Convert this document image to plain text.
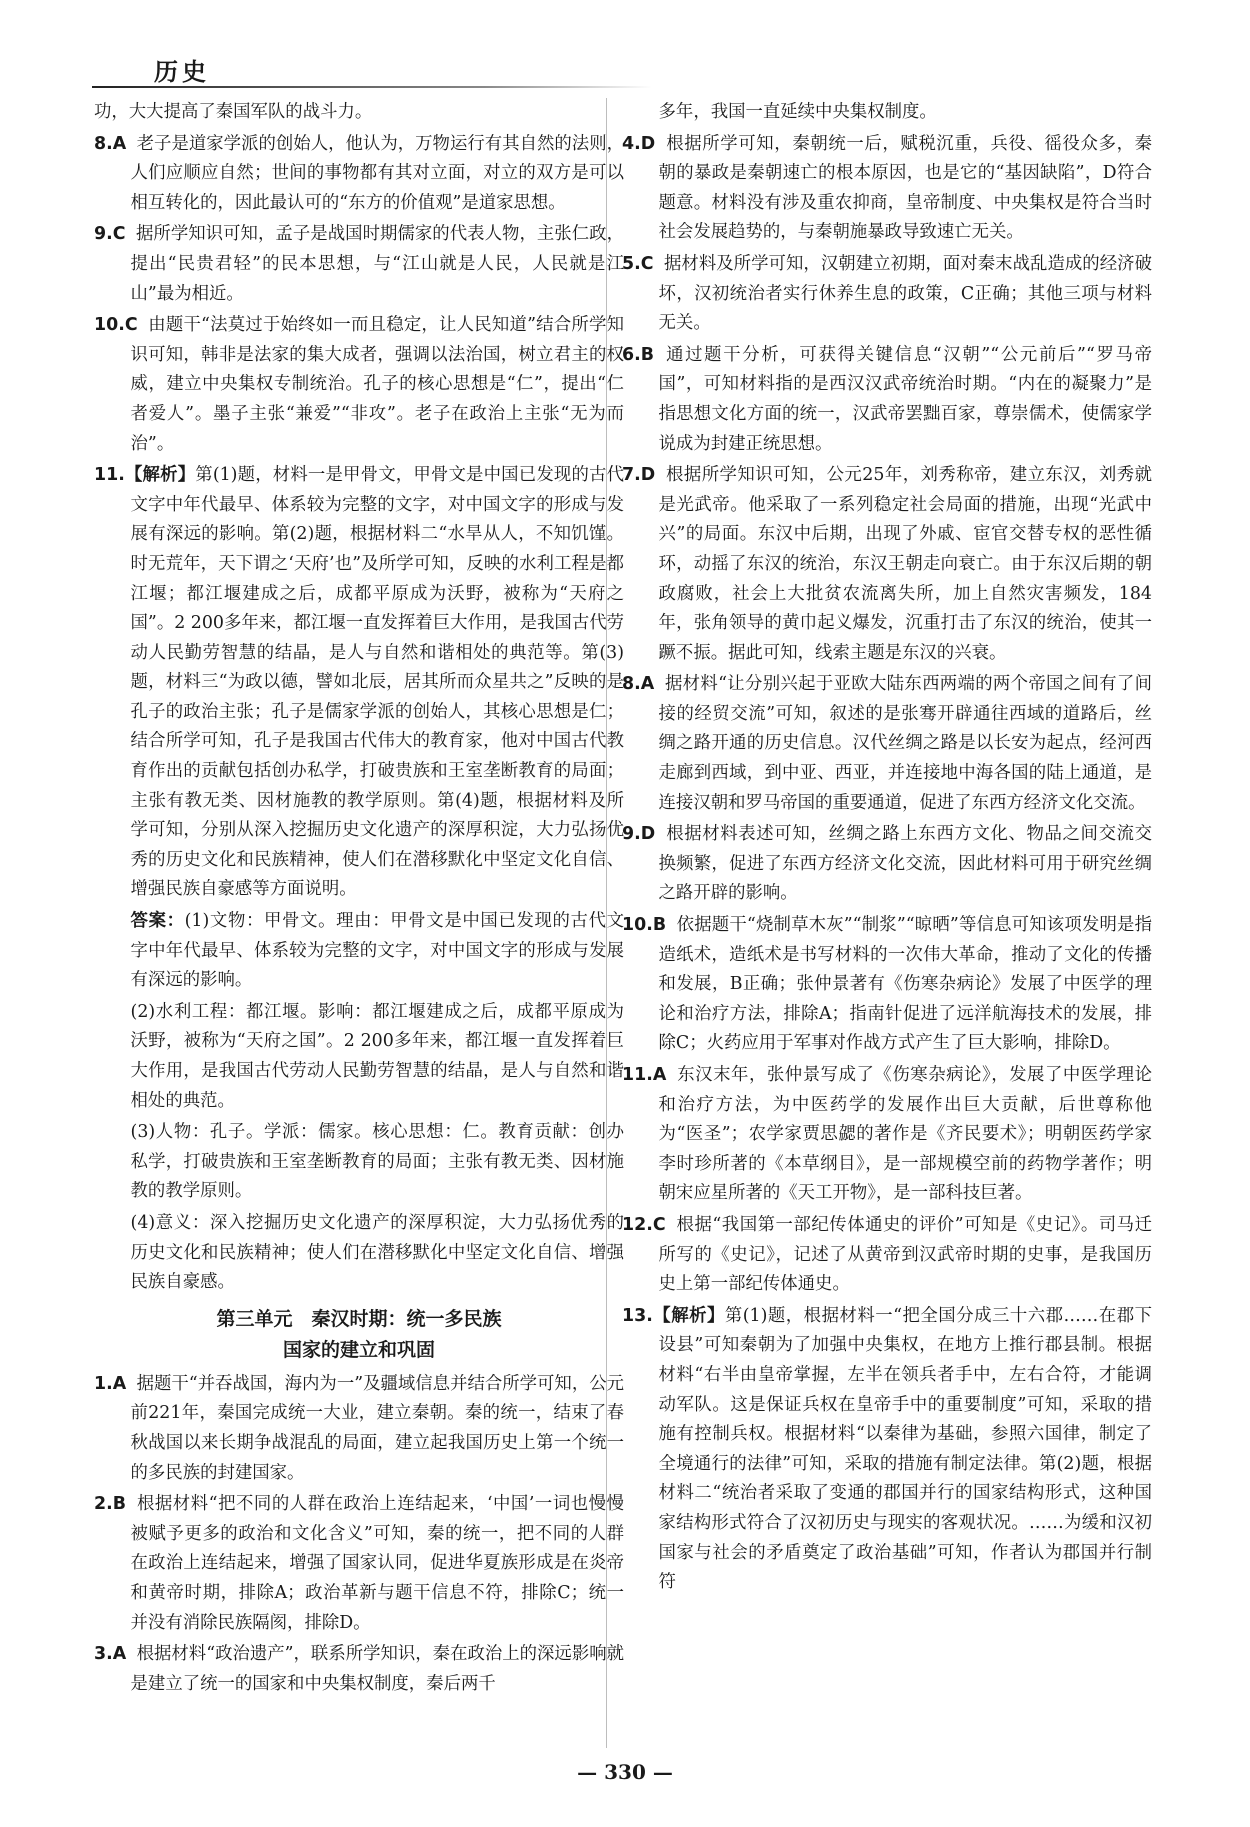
历史

功，大大提高了秦国军队的战斗力。

8.A 老子是道家学派的创始人，他认为，万物运行有其自然的法则，人们应顺应自然；世间的事物都有其对立面，对立的双方是可以相互转化的，因此最认可的“东方的价值观”是道家思想。

9.C 据所学知识可知，孟子是战国时期儒家的代表人物，主张仁政，提出“民贵君轻”的民本思想，与“江山就是人民，人民就是江山”最为相近。

10.C 由题干“法莫过于始终如一而且稳定，让人民知道”结合所学知识可知，韩非是法家的集大成者，强调以法治国，树立君主的权威，建立中央集权专制统治。孔子的核心思想是“仁”，提出“仁者爱人”。墨子主张“兼爱”“非攻”。老子在政治上主张“无为而治”。

11.【解析】第(1)题，材料一是甲骨文，甲骨文是中国已发现的古代文字中年代最早、体系较为完整的文字，对中国文字的形成与发展有深远的影响。第(2)题，根据材料二“水旱从人，不知饥馑。时无荒年，天下谓之‘天府’也”及所学可知，反映的水利工程是都江堰；都江堰建成之后，成都平原成为沃野，被称为“天府之国”。2 200多年来，都江堰一直发挥着巨大作用，是我国古代劳动人民勤劳智慧的结晶，是人与自然和谐相处的典范等。第(3)题，材料三“为政以德，譬如北辰，居其所而众星共之”反映的是孔子的政治主张；孔子是儒家学派的创始人，其核心思想是仁；结合所学可知，孔子是我国古代伟大的教育家，他对中国古代教育作出的贡献包括创办私学，打破贵族和王室垄断教育的局面；主张有教无类、因材施教的教学原则。第(4)题，根据材料及所学可知，分别从深入挖掘历史文化遗产的深厚积淀，大力弘扬优秀的历史文化和民族精神，使人们在潜移默化中坚定文化自信、增强民族自豪感等方面说明。

答案：(1)文物：甲骨文。理由：甲骨文是中国已发现的古代文字中年代最早、体系较为完整的文字，对中国文字的形成与发展有深远的影响。

(2)水利工程：都江堰。影响：都江堰建成之后，成都平原成为沃野，被称为“天府之国”。2 200多年来，都江堰一直发挥着巨大作用，是我国古代劳动人民勤劳智慧的结晶，是人与自然和谐相处的典范。

(3)人物：孔子。学派：儒家。核心思想：仁。教育贡献：创办私学，打破贵族和王室垄断教育的局面；主张有教无类、因材施教的教学原则。

(4)意义：深入挖掘历史文化遗产的深厚积淀，大力弘扬优秀的历史文化和民族精神；使人们在潜移默化中坚定文化自信、增强民族自豪感。

第三单元　秦汉时期：统一多民族
国家的建立和巩固

1.A 据题干“并吞战国，海内为一”及疆域信息并结合所学可知，公元前221年，秦国完成统一大业，建立秦朝。秦的统一，结束了春秋战国以来长期争战混乱的局面，建立起我国历史上第一个统一的多民族的封建国家。

2.B 根据材料“把不同的人群在政治上连结起来，‘中国’一词也慢慢被赋予更多的政治和文化含义”可知，秦的统一，把不同的人群在政治上连结起来，增强了国家认同，促进华夏族形成是在炎帝和黄帝时期，排除A；政治革新与题干信息不符，排除C；统一并没有消除民族隔阂，排除D。

3.A 根据材料“政治遗产”，联系所学知识，秦在政治上的深远影响就是建立了统一的国家和中央集权制度，秦后两千

多年，我国一直延续中央集权制度。

4.D 根据所学可知，秦朝统一后，赋税沉重，兵役、徭役众多，秦朝的暴政是秦朝速亡的根本原因，也是它的“基因缺陷”，D符合题意。材料没有涉及重农抑商，皇帝制度、中央集权是符合当时社会发展趋势的，与秦朝施暴政导致速亡无关。

5.C 据材料及所学可知，汉朝建立初期，面对秦末战乱造成的经济破坏，汉初统治者实行休养生息的政策，C正确；其他三项与材料无关。

6.B 通过题干分析，可获得关键信息“汉朝”“公元前后”“罗马帝国”，可知材料指的是西汉汉武帝统治时期。“内在的凝聚力”是指思想文化方面的统一，汉武帝罢黜百家，尊崇儒术，使儒家学说成为封建正统思想。

7.D 根据所学知识可知，公元25年，刘秀称帝，建立东汉，刘秀就是光武帝。他采取了一系列稳定社会局面的措施，出现“光武中兴”的局面。东汉中后期，出现了外戚、宦官交替专权的恶性循环，动摇了东汉的统治，东汉王朝走向衰亡。由于东汉后期的朝政腐败，社会上大批贫农流离失所，加上自然灾害频发，184年，张角领导的黄巾起义爆发，沉重打击了东汉的统治，使其一蹶不振。据此可知，线索主题是东汉的兴衰。

8.A 据材料“让分别兴起于亚欧大陆东西两端的两个帝国之间有了间接的经贸交流”可知，叙述的是张骞开辟通往西域的道路后，丝绸之路开通的历史信息。汉代丝绸之路是以长安为起点，经河西走廊到西域，到中亚、西亚，并连接地中海各国的陆上通道，是连接汉朝和罗马帝国的重要通道，促进了东西方经济文化交流。

9.D 根据材料表述可知，丝绸之路上东西方文化、物品之间交流交换频繁，促进了东西方经济文化交流，因此材料可用于研究丝绸之路开辟的影响。

10.B 依据题干“烧制草木灰”“制浆”“晾晒”等信息可知该项发明是指造纸术，造纸术是书写材料的一次伟大革命，推动了文化的传播和发展，B正确；张仲景著有《伤寒杂病论》发展了中医学的理论和治疗方法，排除A；指南针促进了远洋航海技术的发展，排除C；火药应用于军事对作战方式产生了巨大影响，排除D。

11.A 东汉末年，张仲景写成了《伤寒杂病论》，发展了中医学理论和治疗方法，为中医药学的发展作出巨大贡献，后世尊称他为“医圣”；农学家贾思勰的著作是《齐民要术》；明朝医药学家李时珍所著的《本草纲目》，是一部规模空前的药物学著作；明朝宋应星所著的《天工开物》，是一部科技巨著。

12.C 根据“我国第一部纪传体通史的评价”可知是《史记》。司马迁所写的《史记》，记述了从黄帝到汉武帝时期的史事，是我国历史上第一部纪传体通史。

13.【解析】第(1)题，根据材料一“把全国分成三十六郡……在郡下设县”可知秦朝为了加强中央集权，在地方上推行郡县制。根据材料“右半由皇帝掌握，左半在领兵者手中，左右合符，才能调动军队。这是保证兵权在皇帝手中的重要制度”可知，采取的措施有控制兵权。根据材料“以秦律为基础，参照六国律，制定了全境通行的法律”可知，采取的措施有制定法律。第(2)题，根据材料二“统治者采取了变通的郡国并行的国家结构形式，这种国家结构形式符合了汉初历史与现实的客观状况。……为缓和汉初国家与社会的矛盾奠定了政治基础”可知，作者认为郡国并行制符

— 330 —
